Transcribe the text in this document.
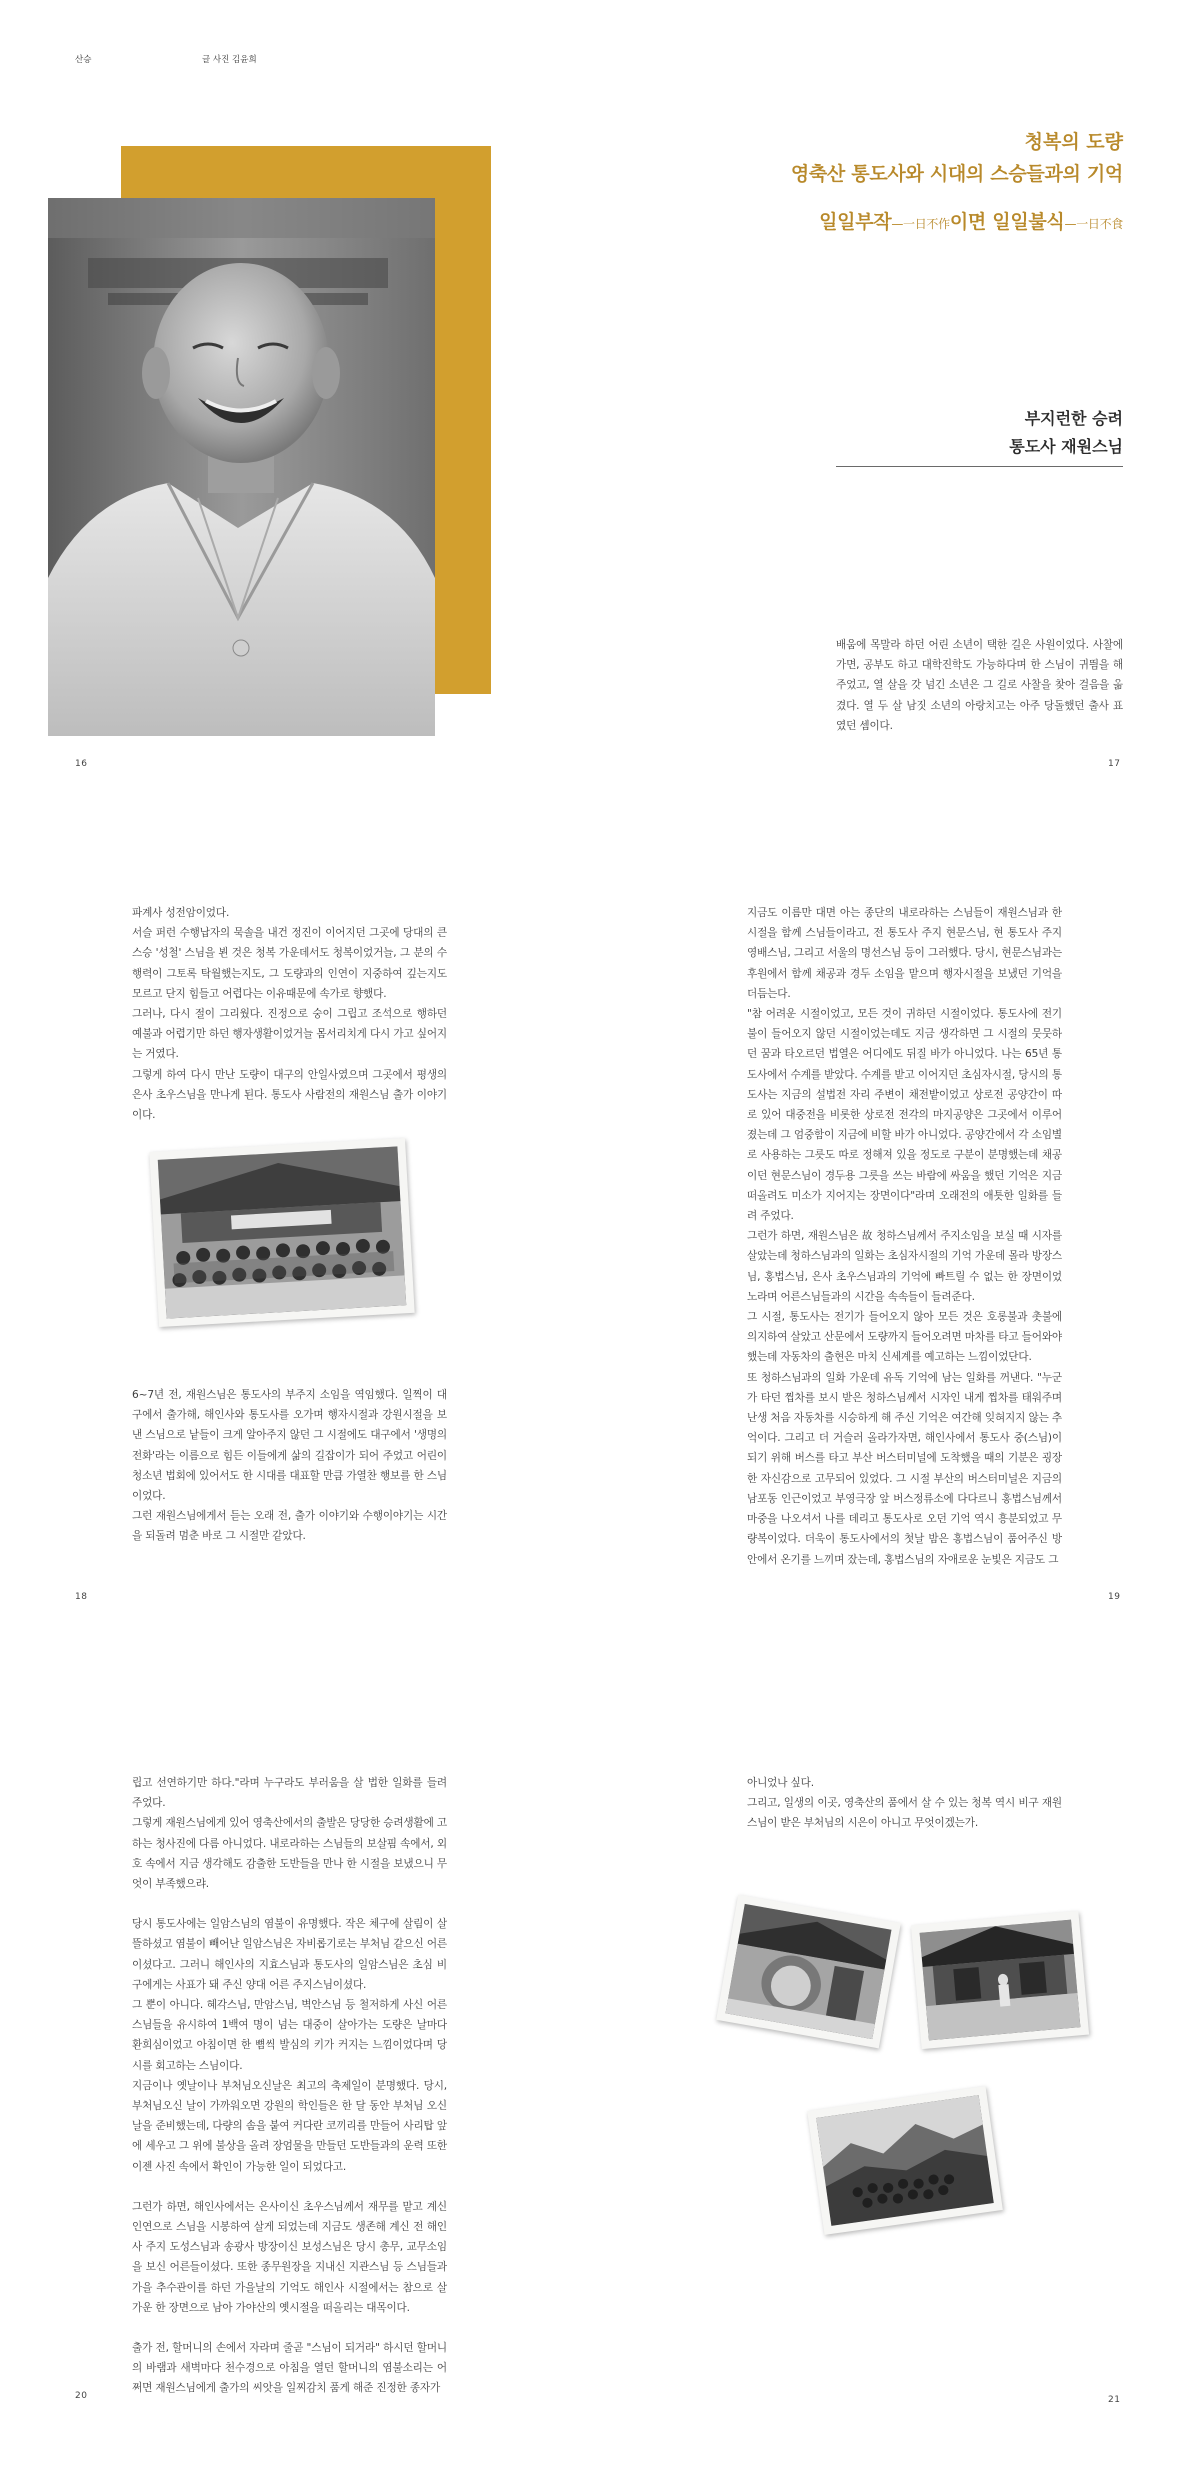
산승	글 사진 김윤희
청복의 도량
영축산 통도사와 시대의 스승들과의 기억
일일부작—一日不作이면 일일불식—一日不食
부지런한 승려
통도사 재원스님

배움에 목말라 하던 어린 소년이 택한 길은 사원이었다. 사찰에 가면, 공부도 하고 대학진학도 가능하다며 한 스님이 귀띔을 해 주었고, 열 살을 갓 넘긴 소년은 그 길로 사찰을 찾아 걸음을 옮겼다. 열 두 살 남짓 소년의 아랑치고는 아주 당돌했던 출사 표였던 셈이다.

16	17

파계사 성전암이었다.

서슬 퍼런 수행납자의 묵솔을 내건 정진이 이어지던 그곳에 당대의 큰 스승 '성철' 스님을 뵌 것은 청복 가운데서도 청복이었거늘, 그 분의 수행력이 그토록 탁월했는지도, 그 도량과의 인연이 지중하여 깊는지도 모르고 단지 힘들고 어렵다는 이유때문에 속가로 향했다.

그러나, 다시 절이 그리웠다. 진정으로 숭이 그립고 조석으로 행하던 예불과 어렵기만 하던 행자생활이었거늘 몸서리치게 다시 가고 싶어지는 거였다.

그렇게 하여 다시 만난 도량이 대구의 안일사였으며 그곳에서 평생의 은사 초우스님을 만나게 된다. 통도사 사람전의 재원스님 출가 이야기 이다.

6~7년 전, 재원스님은 통도사의 부주지 소임을 역임했다. 일찍이 대구에서 출가해, 해인사와 통도사를 오가며 행자시절과 강원시절을 보낸 스님으로 낱들이 크게 알아주지 않던 그 시절에도 대구에서 '생명의 전화'라는 이름으로 힘든 이들에게 삶의 길잡이가 되어 주었고 어린이 청소년 법회에 있어서도 한 시대를 대표할 만큼 가열찬 행보를 한 스님이었다.

그런 재원스님에게서 듣는 오래 전, 출가 이야기와 수행이야기는 시간을 되돌려 멈춘 바로 그 시절만 같았다.

지금도 이름만 대면 아는 종단의 내로라하는 스님들이 재원스님과 한 시절을 함께 스님들이라고, 전 통도사 주지 현문스님, 현 통도사 주지 영배스님, 그리고 서울의 명선스님 등이 그러했다. 당시, 현문스님과는 후원에서 함께 채공과 경두 소임을 맡으며 행자시절을 보냈던 기억을 더듬는다.

"참 어려운 시절이었고, 모든 것이 귀하던 시절이었다. 통도사에 전기불이 들어오지 않던 시절이었는데도 지금 생각하면 그 시절의 뭇뭇하던 꿈과 타오르던 법열은 어디에도 뒤질 바가 아니었다. 나는 65년 통도사에서 수계를 받았다. 수계를 받고 이어지던 초심자시절, 당시의 통도사는 지금의 설법전 자리 주변이 채전밭이었고 상로전 공양간이 따로 있어 대중전을 비롯한 상로전 전각의 마지공양은 그곳에서 이루어졌는데 그 엄중함이 지금에 비할 바가 아니었다. 공양간에서 각 소임별로 사용하는 그릇도 따로 정해져 있을 정도로 구분이 분명했는데 채공이던 현문스님이 경두용 그릇을 쓰는 바람에 싸움을 했던 기억은 지금 떠올려도 미소가 지어지는 장면이다"라며 오래전의 애틋한 일화를 들려 주었다.

그런가 하면, 재원스님은 故 청하스님께서 주지소임을 보실 때 시자를 살았는데 청하스님과의 일화는 초심자시절의 기억 가운데 몰라 방장스님, 홍법스님, 은사 초우스님과의 기억에 빠트릴 수 없는 한 장면이었노라며 어른스님들과의 시간을 속속들이 들려준다.

그 시절, 통도사는 전기가 들어오지 않아 모든 것은 호롱불과 촛불에 의지하여 살았고 산문에서 도량까지 들어오려면 마차를 타고 들어와야 했는데 자동차의 출현은 마치 신세계를 예고하는 느낌이었단다.

또 청하스님과의 일화 가운데 유독 기억에 남는 일화를 꺼낸다. "누군가 타던 찝차를 보시 받은 청하스님께서 시자인 내게 찝차를 태워주며 난생 처음 자동차를 시승하게 해 주신 기억은 여간해 잊혀지지 않는 추억이다. 그리고 더 거슬러 올라가자면, 해인사에서 통도사 중(스님)이 되기 위해 버스를 타고 부산 버스터미널에 도착했을 때의 기분은 굉장한 자신감으로 고무되어 있었다. 그 시절 부산의 버스터미널은 지금의 남포동 인근이었고 부영극장 앞 버스정류소에 다다르니 홍법스님께서 마중을 나오셔서 나를 데리고 통도사로 오던 기억 역시 흥분되었고 무량복이었다. 더욱이 통도사에서의 첫날 밤은 홍법스님이 품어주신 방안에서 온기를 느끼며 잤는데, 홍법스님의 자애로운 눈빛은 지금도 그

18	19

립고 선연하기만 하다."라며 누구라도 부러움을 살 법한 일화를 들려주었다.

그렇게 재원스님에게 있어 영축산에서의 출발은 당당한 승려생활에 고하는 청사진에 다름 아니었다. 내로라하는 스님들의 보살핌 속에서, 외호 속에서 지금 생각해도 감출한 도반들을 만나 한 시절을 보냈으니 무엇이 부족했으랴.

당시 통도사에는 일암스님의 염불이 유명했다. 작은 체구에 살림이 살뜰하셨고 염불이 빼어난 일암스님은 자비롭기로는 부처님 같으신 어른이셨다고. 그러니 해인사의 지효스님과 통도사의 일암스님은 초심 비구에게는 사표가 돼 주신 양대 어른 주지스님이셨다.

그 뿐이 아니다. 혜각스님, 만암스님, 벽안스님 등 철저하게 사신 어른스님들을 유시하여 1백여 명이 넘는 대중이 살아가는 도량은 날마다 환희심이었고 아침이면 한 뼘씩 발심의 키가 커지는 느낌이었다며 당시를 회고하는 스님이다.

지금이나 옛날이나 부처님오신날은 최고의 축제일이 분명했다. 당시, 부처님오신 날이 가까워오면 강원의 학인들은 한 달 동안 부처님 오신날을 준비했는데, 다량의 솜을 붙여 커다란 코끼리를 만들어 사리탑 앞에 세우고 그 위에 불상을 올려 장엄물을 만들던 도반들과의 운력 또한 이젠 사진 속에서 확인이 가능한 일이 되었다고.

그런가 하면, 해인사에서는 은사이신 초우스님께서 재무를 맡고 계신 인연으로 스님을 시봉하여 살게 되었는데 지금도 생존해 계신 전 해인사 주지 도성스님과 송광사 방장이신 보성스님은 당시 총무, 교무소임을 보신 어른들이셨다. 또한 종무원장을 지내신 지관스님 등 스님들과 가을 추수관이를 하던 가을날의 기억도 해인사 시절에서는 참으로 살가운 한 장면으로 남아 가야산의 옛시절을 떠올리는 대목이다.

출가 전, 할머니의 손에서 자라며 줄곧 "스님이 되거라" 하시던 할머니의 바램과 새벽마다 천수경으로 아침을 열던 할머니의 염불소리는 어쩌면 재원스님에게 출가의 씨앗을 일찌감치 품게 해준 진정한 종자가

아니었나 싶다.

그리고, 일생의 이곳, 영축산의 품에서 살 수 있는 청복 역시 비구 재원스님이 받은 부처님의 시은이 아니고 무엇이겠는가.

20	21
